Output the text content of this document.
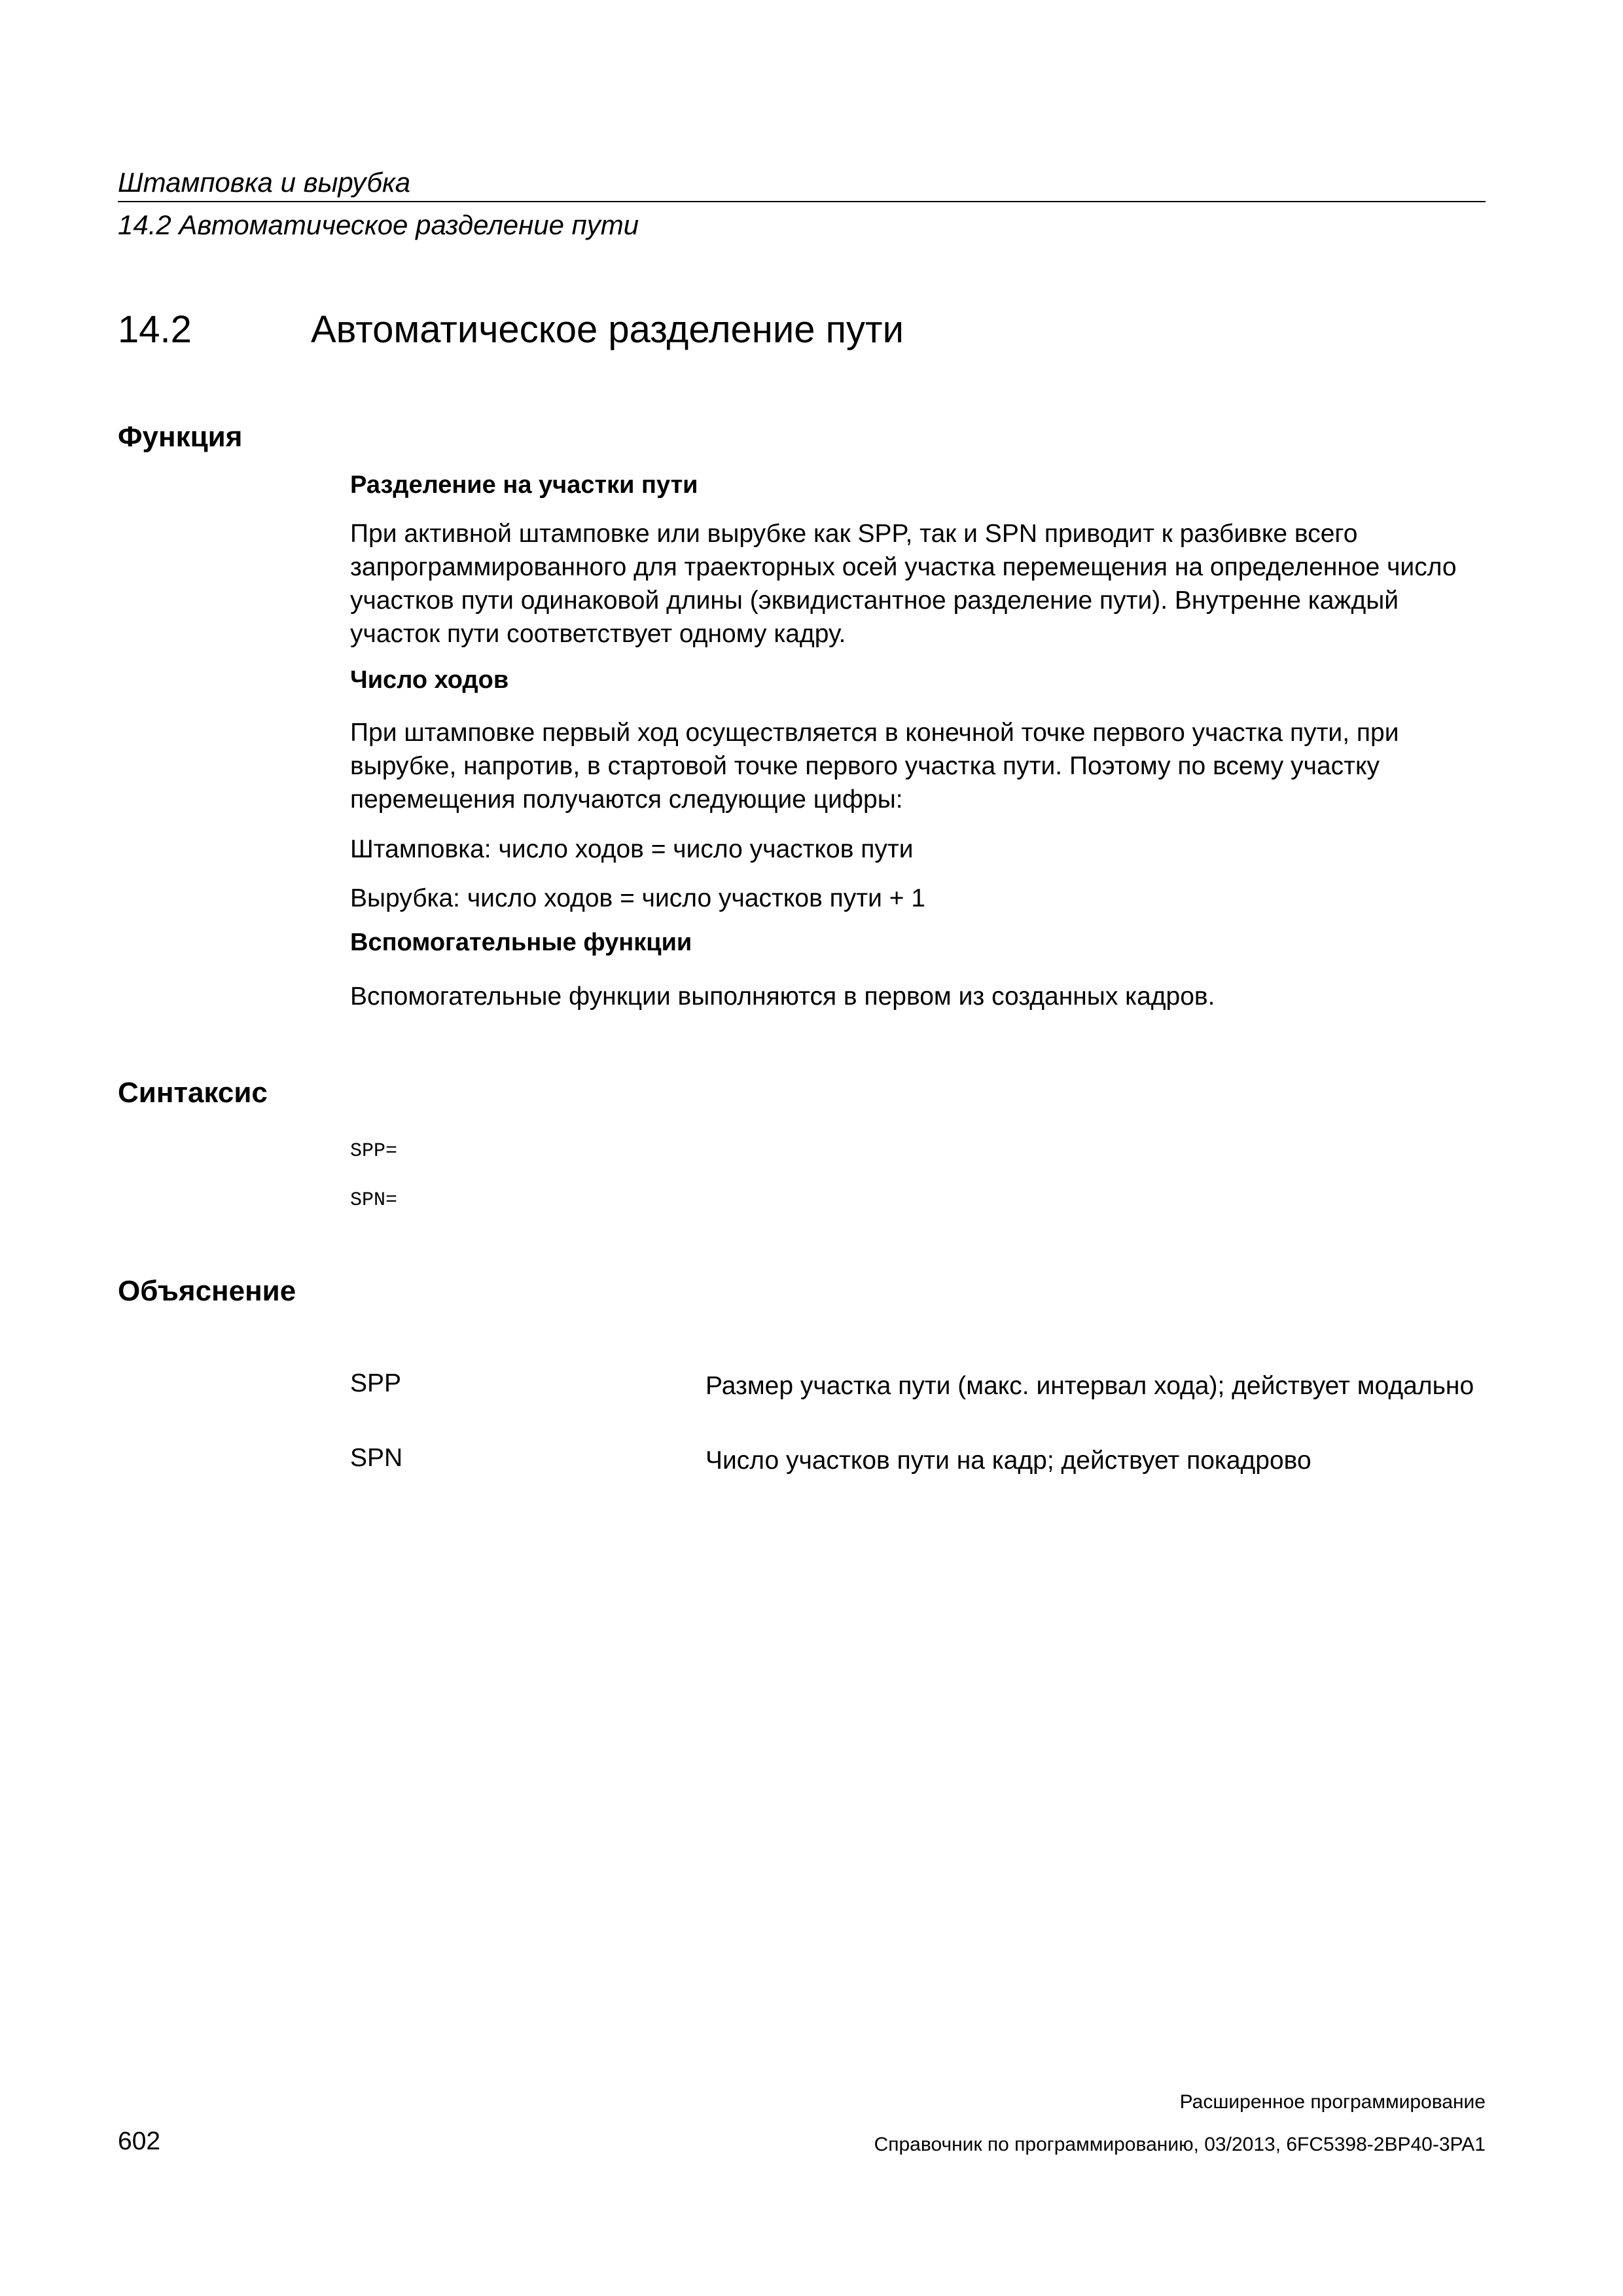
Штамповка и вырубка
14.2 Автоматическое разделение пути
14.2	Автоматическое разделение пути
Функция
Разделение на участки пути
При активной штамповке или вырубке как SPP, так и SPN приводит к разбивке всего запрограммированного для траекторных осей участка перемещения на определенное число участков пути одинаковой длины (эквидистантное разделение пути). Внутренне каждый участок пути соответствует одному кадру.
Число ходов
При штамповке первый ход осуществляется в конечной точке первого участка пути, при вырубке, напротив, в стартовой точке первого участка пути. Поэтому по всему участку перемещения получаются следующие цифры:
Штамповка: число ходов = число участков пути
Вырубка: число ходов = число участков пути + 1
Вспомогательные функции
Вспомогательные функции выполняются в первом из созданных кадров.
Синтаксис
SPP=
SPN=
Объяснение
SPP	Размер участка пути (макс. интервал хода); действует модально
SPN	Число участков пути на кадр; действует покадрово
Расширенное программирование
602	Справочник по программированию, 03/2013, 6FC5398-2BP40-3PA1
